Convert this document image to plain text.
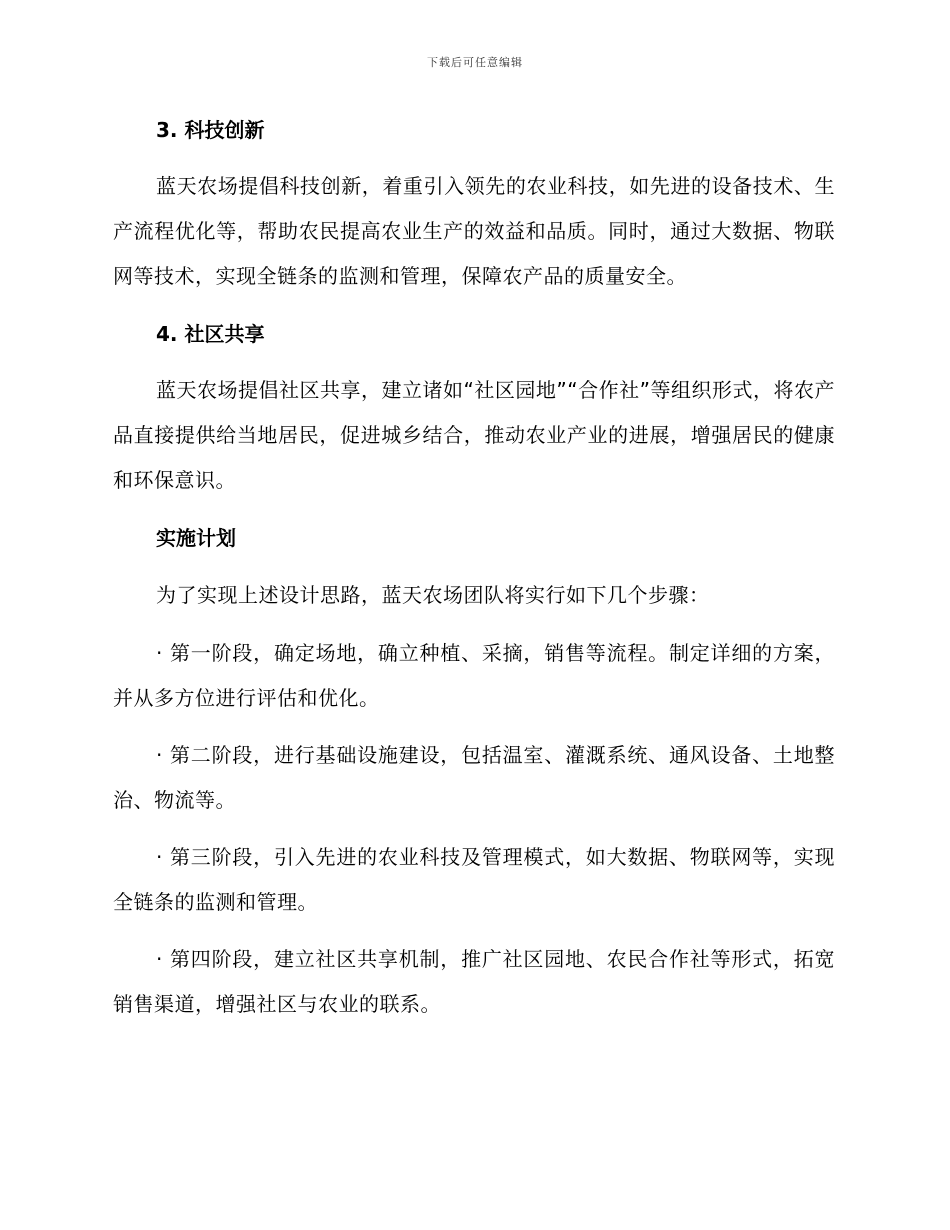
下载后可任意编辑
3. 科技创新
蓝天农场提倡科技创新，着重引入领先的农业科技，如先进的设备技术、生产流程优化等，帮助农民提高农业生产的效益和品质。同时，通过大数据、物联网等技术，实现全链条的监测和管理，保障农产品的质量安全。
4. 社区共享
蓝天农场提倡社区共享，建立诸如“社区园地”“合作社”等组织形式，将农产品直接提供给当地居民，促进城乡结合，推动农业产业的进展，增强居民的健康和环保意识。
实施计划
为了实现上述设计思路，蓝天农场团队将实行如下几个步骤：
· 第一阶段，确定场地，确立种植、采摘，销售等流程。制定详细的方案，并从多方位进行评估和优化。
· 第二阶段，进行基础设施建设，包括温室、灌溉系统、通风设备、土地整治、物流等。
· 第三阶段，引入先进的农业科技及管理模式，如大数据、物联网等，实现全链条的监测和管理。
· 第四阶段，建立社区共享机制，推广社区园地、农民合作社等形式，拓宽销售渠道，增强社区与农业的联系。
